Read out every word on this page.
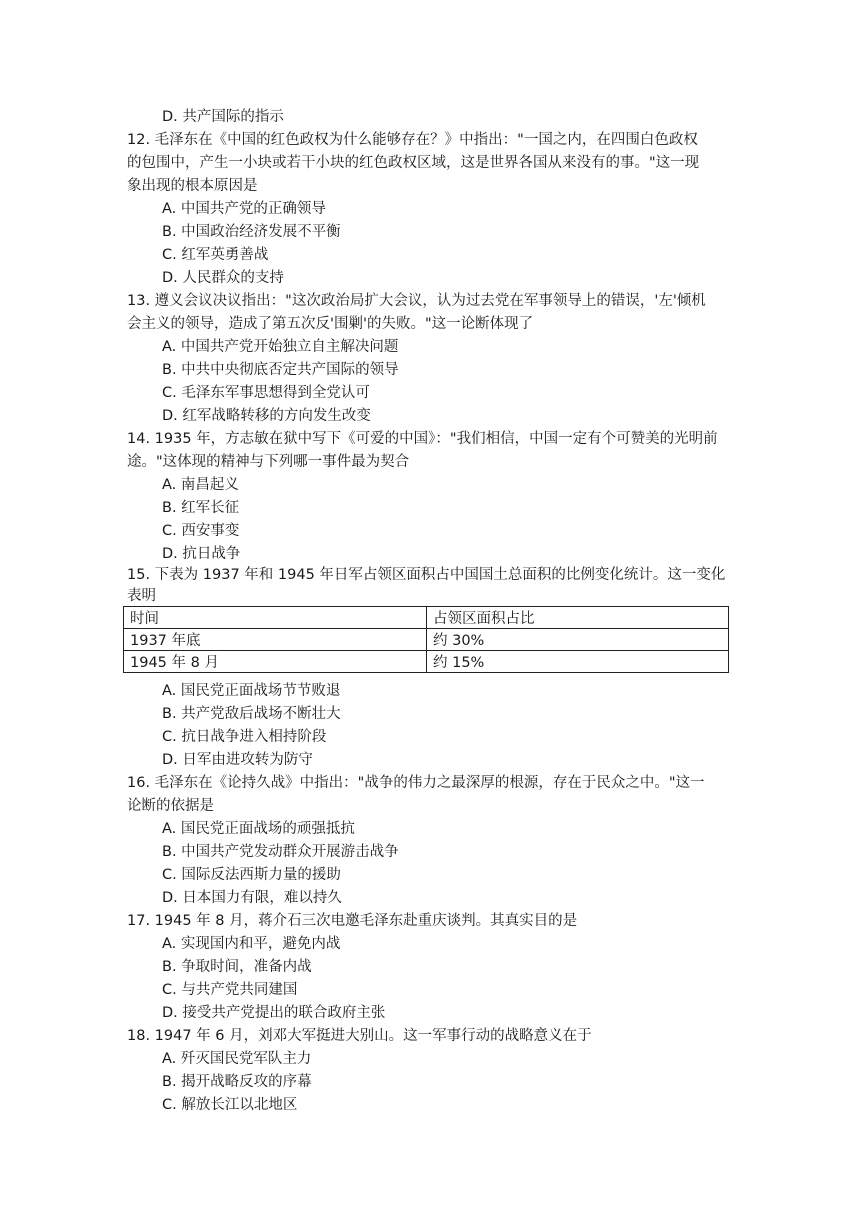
D. 共产国际的指示
12. 毛泽东在《中国的红色政权为什么能够存在？》中指出："一国之内，在四围白色政权
的包围中，产生一小块或若干小块的红色政权区域，这是世界各国从来没有的事。"这一现
象出现的根本原因是
A. 中国共产党的正确领导
B. 中国政治经济发展不平衡
C. 红军英勇善战
D. 人民群众的支持
13. 遵义会议决议指出："这次政治局扩大会议，认为过去党在军事领导上的错误，'左'倾机
会主义的领导，造成了第五次反'围剿'的失败。"这一论断体现了
A. 中国共产党开始独立自主解决问题
B. 中共中央彻底否定共产国际的领导
C. 毛泽东军事思想得到全党认可
D. 红军战略转移的方向发生改变
14. 1935 年，方志敏在狱中写下《可爱的中国》："我们相信，中国一定有个可赞美的光明前
途。"这体现的精神与下列哪一事件最为契合
A. 南昌起义
B. 红军长征
C. 西安事变
D. 抗日战争
15. 下表为 1937 年和 1945 年日军占领区面积占中国国土总面积的比例变化统计。这一变化
表明
时间	占领区面积占比
1937 年底	约 30%
1945 年 8 月	约 15%
A. 国民党正面战场节节败退
B. 共产党敌后战场不断壮大
C. 抗日战争进入相持阶段
D. 日军由进攻转为防守
16. 毛泽东在《论持久战》中指出："战争的伟力之最深厚的根源，存在于民众之中。"这一
论断的依据是
A. 国民党正面战场的顽强抵抗
B. 中国共产党发动群众开展游击战争
C. 国际反法西斯力量的援助
D. 日本国力有限，难以持久
17. 1945 年 8 月，蒋介石三次电邀毛泽东赴重庆谈判。其真实目的是
A. 实现国内和平，避免内战
B. 争取时间，准备内战
C. 与共产党共同建国
D. 接受共产党提出的联合政府主张
18. 1947 年 6 月，刘邓大军挺进大别山。这一军事行动的战略意义在于
A. 歼灭国民党军队主力
B. 揭开战略反攻的序幕
C. 解放长江以北地区
